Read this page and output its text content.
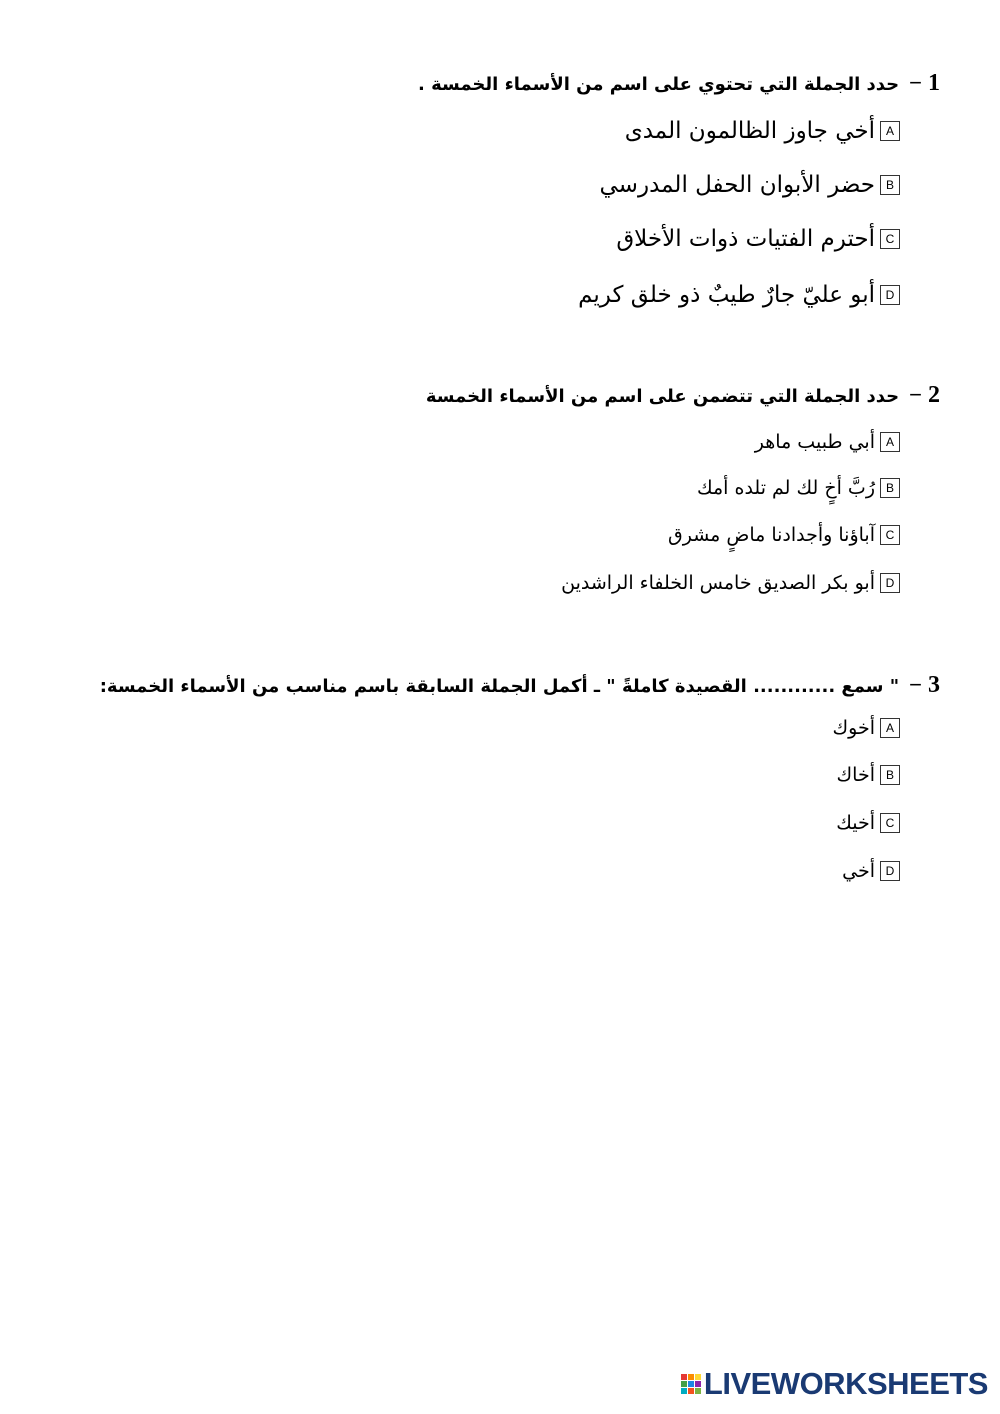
1
−
حدد الجملة التي تحتوي على اسم من الأسماء الخمسة .
A
أخي جاوز الظالمون المدى
B
حضر الأبوان الحفل المدرسي
C
أحترم الفتيات ذوات الأخلاق
D
أبو عليّ جارٌ طيبٌ ذو خلق كريم
2
−
حدد الجملة التي تتضمن على اسم من الأسماء الخمسة
A
أبي طبيب ماهر
B
رُبَّ أخٍ لك لم تلده أمك
C
آباؤنا وأجدادنا ماضٍ مشرق
D
أبو بكر الصديق خامس الخلفاء الراشدين
3
−
" سمع ............ القصيدة كاملةً " ـ أكمل الجملة السابقة باسم مناسب من الأسماء الخمسة:
A
أخوك
B
أخاك
C
أخيك
D
أخي
LIVEWORKSHEETS
